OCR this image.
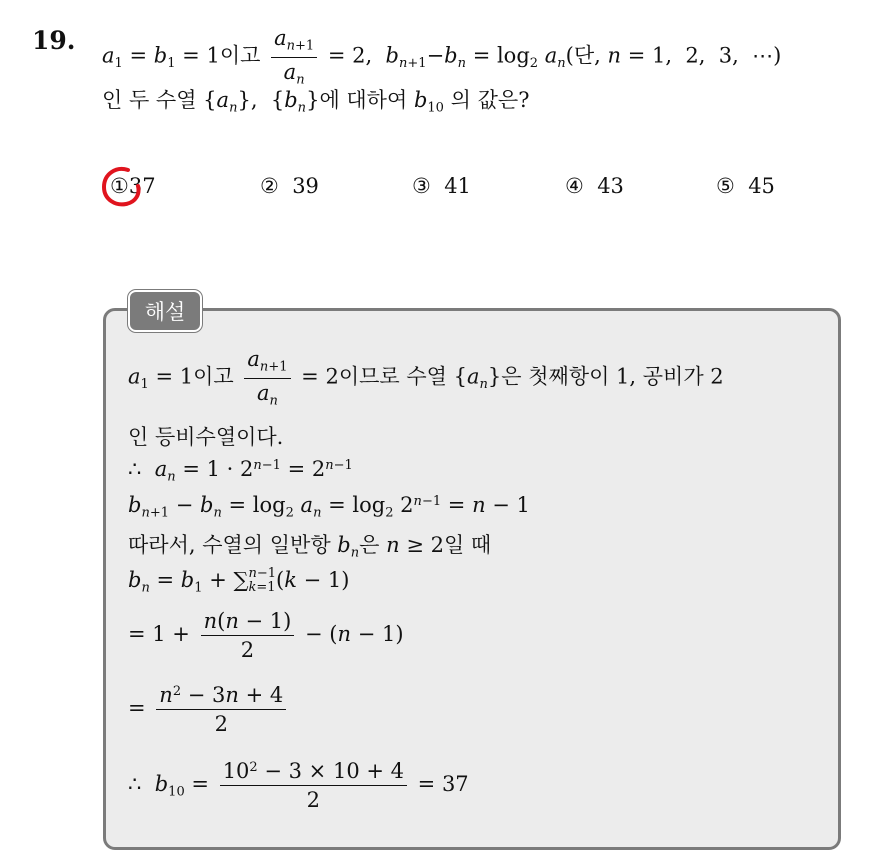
19.
$a_1 = b_1 = 1$이고 $\frac{a_{n+1}}{a_n} = 2$,  $b_{n+1}-b_n = \log_2 a_n$(단, n = 1,  2,  3,  ⋯)
인 두 수열 $\{a_n\}$,  $\{b_n\}$에 대하여 $b_{10}$ 의 값은?
①37	② 39	③ 41	④ 43	⑤ 45
해설
$a_1 = 1$이고 $\frac{a_{n+1}}{a_n} = 2$이므로 수열 $\{a_n\}$은 첫째항이 1, 공비가 2
인 등비수열이다.
∴  $a_n = 1 \cdot 2^{n-1} = 2^{n-1}$
$b_{n+1} - b_n = \log_2 a_n = \log_2 2^{n-1} = n - 1$
따라서, 수열의 일반항 $b_n$은 n ≥ 2일 때
$b_n = b_1$ + ∑ n−1
k=1 (k − 1)
= $1 + \frac{n(n - 1)}{2} - (n - 1)$
= $\frac{n^2 - 3n + 4}{2}$
∴  $b_{10} = \frac{10^2 - 3 \times 10 + 4}{2} = 37$
